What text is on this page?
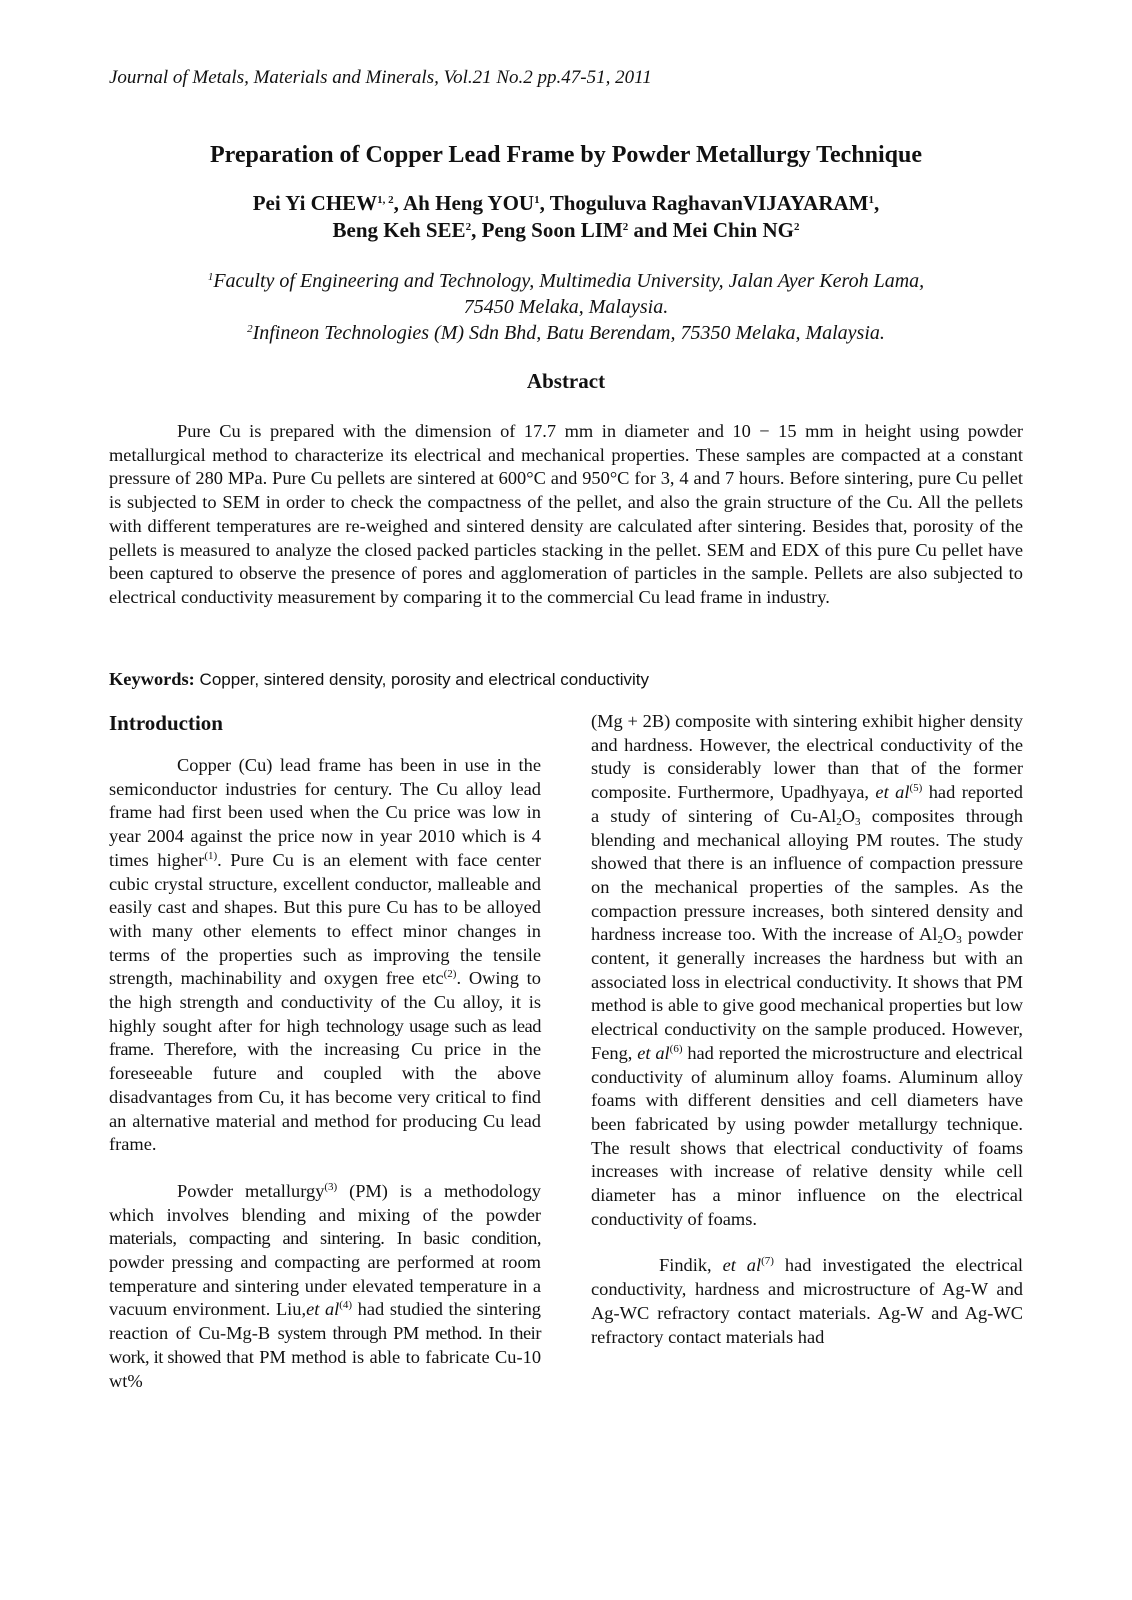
Journal of Metals, Materials and Minerals, Vol.21 No.2 pp.47-51, 2011
Preparation of Copper Lead Frame by Powder Metallurgy Technique
Pei Yi CHEW$^{1, 2}$, Ah Heng YOU$^1$, Thoguluva RaghavanVIJAYARAM$^1$,
Beng Keh SEE$^2$, Peng Soon LIM$^2$ and Mei Chin $NG^2$
$^1$Faculty of Engineering and Technology, Multimedia University, Jalan Ayer Keroh Lama,
75450 Melaka, Malaysia.
$^2$Infineon Technologies (M) Sdn Bhd, Batu Berendam, 75350 Melaka, Malaysia.
Abstract

Pure Cu is prepared with the dimension of 17.7 mm in diameter and 10 − 15 mm in height using powder metallurgical method to characterize its electrical and mechanical properties. These samples are compacted at a constant pressure of 280 MPa. Pure Cu pellets are sintered at 600°C and 950°C for 3, 4 and 7 hours. Before sintering, pure Cu pellet is subjected to SEM in order to check the compactness of the pellet, and also the grain structure of the Cu. All the pellets with different temperatures are re-weighed and sintered density are calculated after sintering. Besides that, porosity of the pellets is measured to analyze the closed packed particles stacking in the pellet. SEM and EDX of this pure Cu pellet have been captured to observe the presence of pores and agglomeration of particles in the sample. Pellets are also subjected to electrical conductivity measurement by comparing it to the commercial Cu lead frame in industry.

Keywords: Copper, sintered density, porosity and electrical conductivity
Introduction

Copper (Cu) lead frame has been in use in the semiconductor industries for century. The Cu alloy lead frame had first been used when the Cu price was low in year 2004 against the price now in year 2010 which is 4 times higher$^{(1)}$. Pure Cu is an element with face center cubic crystal structure, excellent conductor, malleable and easily cast and shapes. But this pure Cu has to be alloyed with many other elements to effect minor changes in terms of the properties such as improving the tensile strength, machinability and oxygen free etc$^{(2)}$. Owing to the high strength and conductivity of the Cu alloy, it is highly sought after for high technology usage such as lead frame. Therefore, with the increasing Cu price in the foreseeable future and coupled with the above disadvantages from Cu, it has become very critical to find an alternative material and method for producing Cu lead frame.

Powder metallurgy$^{(3)}$ (PM) is a methodology which involves blending and mixing of the powder materials, compacting and sintering. In basic condition, powder pressing and compacting are performed at room temperature and sintering under elevated temperature in a vacuum environment. Liu,et $al^{(4)}$ had studied the sintering reaction of Cu-Mg-B system through PM method. In their work, it showed that PM method is able to fabricate Cu-10 wt%

(Mg + 2B) composite with sintering exhibit higher density and hardness. However, the electrical conductivity of the study is considerably lower than that of the former composite. Furthermore, Upadhyaya, et $al^{(5)}$ had reported a study of sintering of $Cu-Al_2O_3$ composites through blending and mechanical alloying PM routes. The study showed that there is an influence of compaction pressure on the mechanical properties of the samples. As the compaction pressure increases, both sintered density and hardness increase too. With the increase of $Al_2O_3$ powder content, it generally increases the hardness but with an associated loss in electrical conductivity. It shows that PM method is able to give good mechanical properties but low electrical conductivity on the sample produced. However, Feng, et $al^{(6)}$ had reported the microstructure and electrical conductivity of aluminum alloy foams. Aluminum alloy foams with different densities and cell diameters have been fabricated by using powder metallurgy technique. The result shows that electrical conductivity of foams increases with increase of relative density while cell diameter has a minor influence on the electrical conductivity of foams.

Findik, et $al^{(7)}$ had investigated the electrical conductivity, hardness and microstructure of Ag-W and Ag-WC refractory contact materials. Ag-W and Ag-WC refractory contact materials had
